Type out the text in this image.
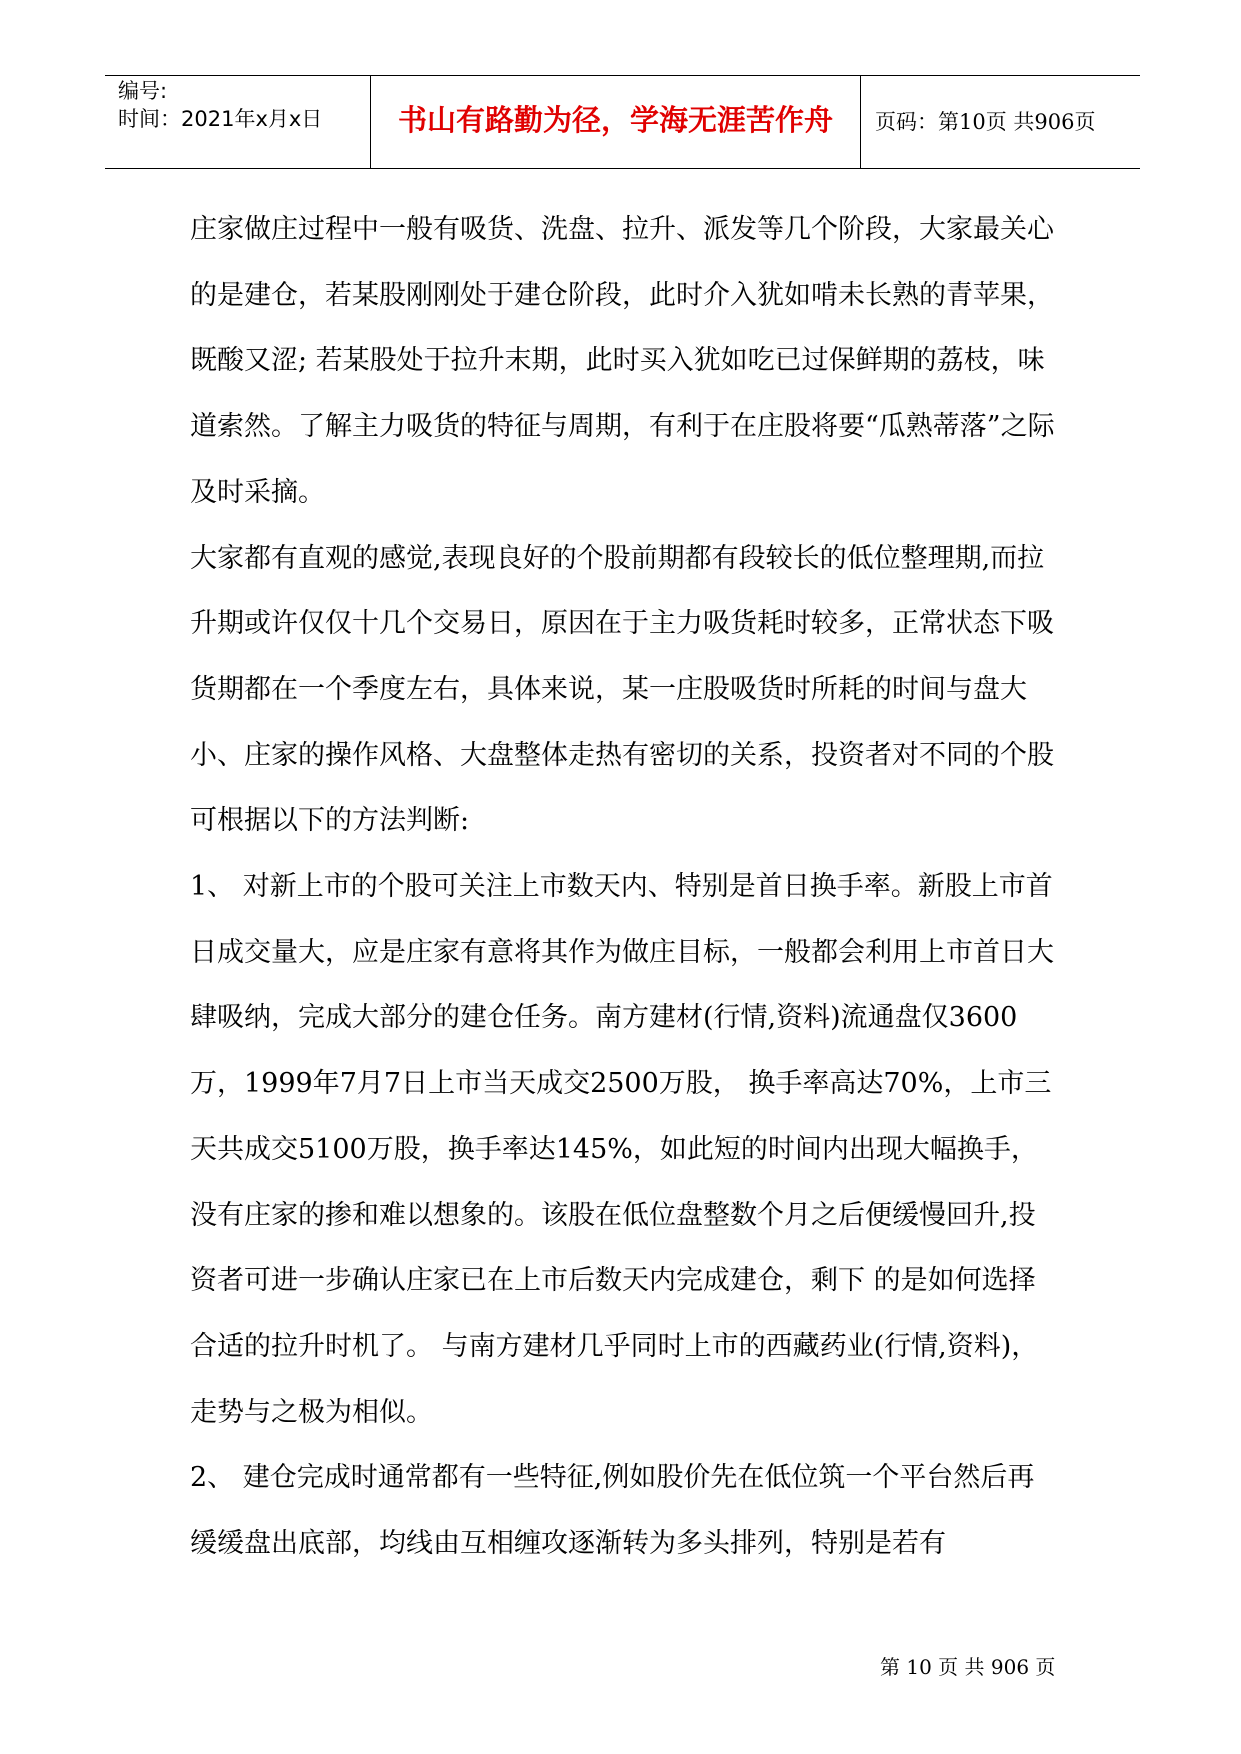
编号:
时间：2021年x月x日	书山有路勤为径，学海无涯苦作舟	页码：第10页 共906页

庄家做庄过程中一般有吸货、洗盘、拉升、派发等几个阶段，大家最关心的是建仓，若某股刚刚处于建仓阶段，此时介入犹如啃未长熟的青苹果，既酸又涩; 若某股处于拉升末期，此时买入犹如吃已过保鲜期的荔枝，味道索然。了解主力吸货的特征与周期，有利于在庄股将要“瓜熟蒂落”之际及时采摘。

大家都有直观的感觉,表现良好的个股前期都有段较长的低位整理期,而拉升期或许仅仅十几个交易日，原因在于主力吸货耗时较多，正常状态下吸货期都在一个季度左右，具体来说，某一庄股吸货时所耗的时间与盘大小、庄家的操作风格、大盘整体走热有密切的关系，投资者对不同的个股可根据以下的方法判断:

1、 对新上市的个股可关注上市数天内、特别是首日换手率。新股上市首日成交量大，应是庄家有意将其作为做庄目标，一般都会利用上市首日大肆吸纳，完成大部分的建仓任务。南方建材(行情,资料)流通盘仅3600万，1999年7月7日上市当天成交2500万股， 换手率高达70%，上市三天共成交5100万股，换手率达145%，如此短的时间内出现大幅换手，没有庄家的掺和难以想象的。该股在低位盘整数个月之后便缓慢回升,投资者可进一步确认庄家已在上市后数天内完成建仓，剩下 的是如何选择合适的拉升时机了。 与南方建材几乎同时上市的西藏药业(行情,资料)，走势与之极为相似。

2、 建仓完成时通常都有一些特征,例如股价先在低位筑一个平台然后再缓缓盘出底部，均线由互相缠攻逐渐转为多头排列，特别是若有

第 10 页 共 906 页
